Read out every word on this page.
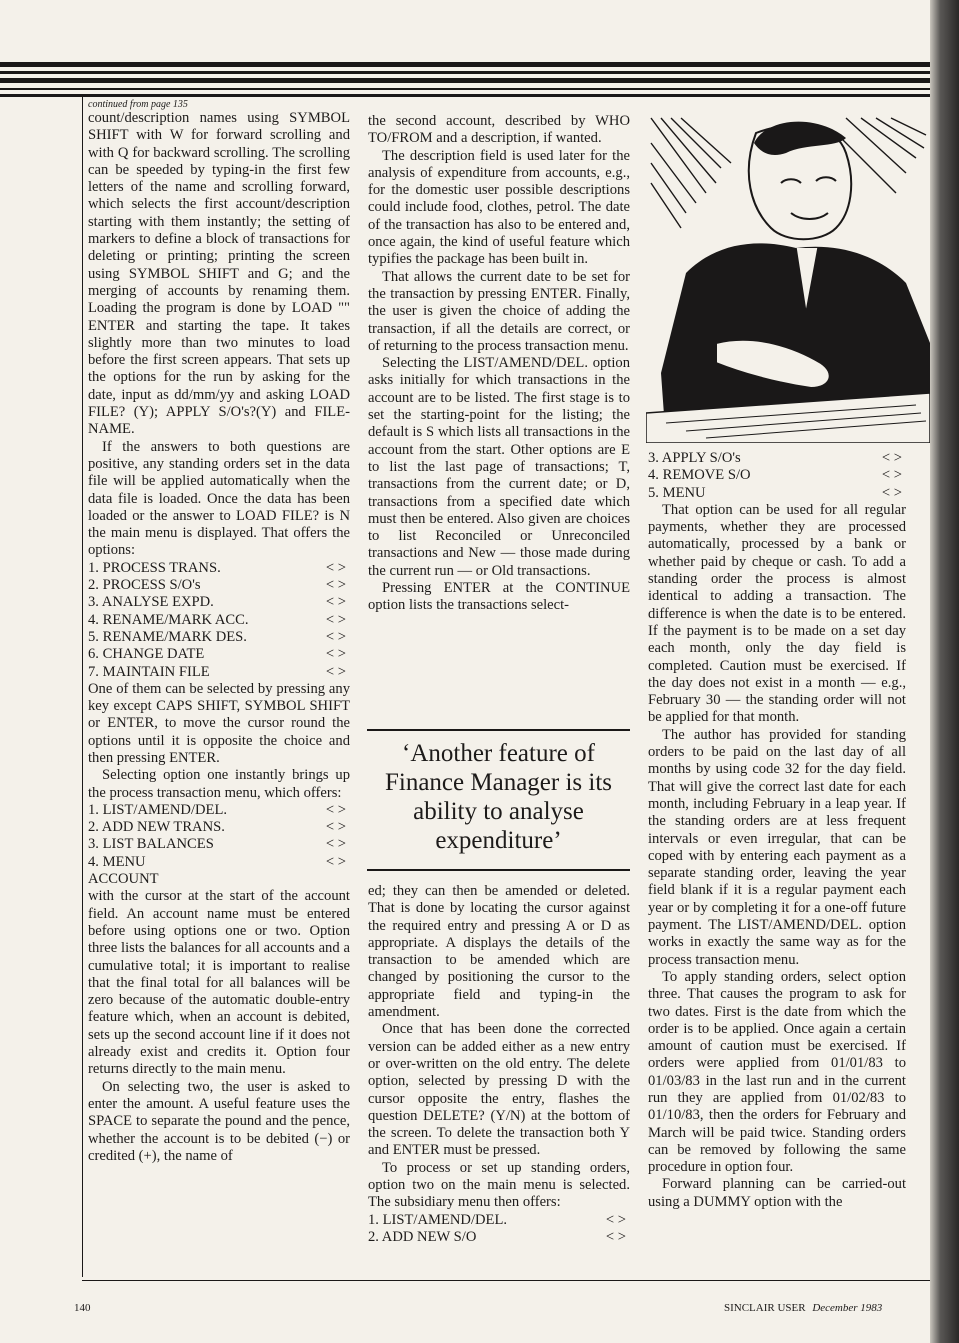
continued from page 135

count/description names using SYMBOL SHIFT with W for forward scrolling and with Q for backward scrolling. The scrolling can be speeded by typing-in the first few letters of the name and scrolling forward, which selects the first account/description starting with them instantly; the setting of markers to define a block of transactions for deleting or printing; printing the screen using SYMBOL SHIFT and G; and the merging of accounts by renaming them. Loading the program is done by LOAD "" ENTER and starting the tape. It takes slightly more than two minutes to load before the first screen appears. That sets up the options for the run by asking for the date, input as dd/mm/yy and asking LOAD FILE? (Y); APPLY S/O's?(Y) and FILE-NAME.

If the answers to both questions are positive, any standing orders set in the data file will be applied automatically when the data file is loaded. Once the data has been loaded or the answer to LOAD FILE? is N the main menu is displayed. That offers the options:

1. PROCESS TRANS.	< >
2. PROCESS S/O's	< >
3. ANALYSE EXPD.	< >
4. RENAME/MARK ACC.	< >
5. RENAME/MARK DES.	< >
6. CHANGE DATE	< >
7. MAINTAIN FILE	< >

One of them can be selected by pressing any key except CAPS SHIFT, SYMBOL SHIFT or ENTER, to move the cursor round the options until it is opposite the choice and then pressing ENTER.

Selecting option one instantly brings up the process transaction menu, which offers:

1. LIST/AMEND/DEL.	< >
2. ADD NEW TRANS.	< >
3. LIST BALANCES	< >
4. MENU	< >

ACCOUNT

with the cursor at the start of the account field. An account name must be entered before using options one or two. Option three lists the balances for all accounts and a cumulative total; it is important to realise that the final total for all balances will be zero because of the automatic double-entry feature which, when an account is debited, sets up the second account line if it does not already exist and credits it. Option four returns directly to the main menu.

On selecting two, the user is asked to enter the amount. A useful feature uses the SPACE to separate the pound and the pence, whether the account is to be debited (−) or credited (+), the name of

the second account, described by WHO TO/FROM and a description, if wanted.

The description field is used later for the analysis of expenditure from accounts, e.g., for the domestic user possible descriptions could include food, clothes, petrol. The date of the transaction has also to be entered and, once again, the kind of useful feature which typifies the package has been built in.

That allows the current date to be set for the transaction by pressing ENTER. Finally, the user is given the choice of adding the transaction, if all the details are correct, or of returning to the process transaction menu.

Selecting the LIST/AMEND/DEL. option asks initially for which transactions in the account are to be listed. The first stage is to set the starting-point for the listing; the default is S which lists all transactions in the account from the start. Other options are E to list the last page of transactions; T, transactions from the current date; or D, transactions from a specified date which must then be entered. Also given are choices to list Reconciled or Unreconciled transactions and New — those made during the current run — or Old transactions.

Pressing ENTER at the CONTINUE option lists the transactions select-

‘Another feature of Finance Manager is its ability to analyse expenditure’

ed; they can then be amended or deleted. That is done by locating the cursor against the required entry and pressing A or D as appropriate. A displays the details of the transaction to be amended which are changed by positioning the cursor to the appropriate field and typing-in the amendment.

Once that has been done the corrected version can be added either as a new entry or over-written on the old entry. The delete option, selected by pressing D with the cursor opposite the entry, flashes the question DELETE? (Y/N) at the bottom of the screen. To delete the transaction both Y and ENTER must be pressed.

To process or set up standing orders, option two on the main menu is selected. The subsidiary menu then offers:

1. LIST/AMEND/DEL.	< >
2. ADD NEW S/O	< >
3. APPLY S/O's	< >
4. REMOVE S/O	< >
5. MENU	< >

That option can be used for all regular payments, whether they are processed automatically, processed by a bank or whether paid by cheque or cash. To add a standing order the process is almost identical to adding a transaction. The difference is when the date is to be entered. If the payment is to be made on a set day each month, only the day field is completed. Caution must be exercised. If the day does not exist in a month — e.g., February 30 — the standing order will not be applied for that month.

The author has provided for standing orders to be paid on the last day of all months by using code 32 for the day field. That will give the correct last date for each month, including February in a leap year. If the standing orders are at less frequent intervals or even irregular, that can be coped with by entering each payment as a separate standing order, leaving the year field blank if it is a regular payment each year or by completing it for a one-off future payment. The LIST/AMEND/DEL. option works in exactly the same way as for the process transaction menu.

To apply standing orders, select option three. That causes the program to ask for two dates. First is the date from which the order is to be applied. Once again a certain amount of caution must be exercised. If orders were applied from 01/01/83 to 01/03/83 in the last run and in the current run they are applied from 01/02/83 to 01/10/83, then the orders for February and March will be paid twice. Standing orders can be removed by following the same procedure in option four.

Forward planning can be carried-out using a DUMMY option with the

140	SINCLAIR USER December 1983
